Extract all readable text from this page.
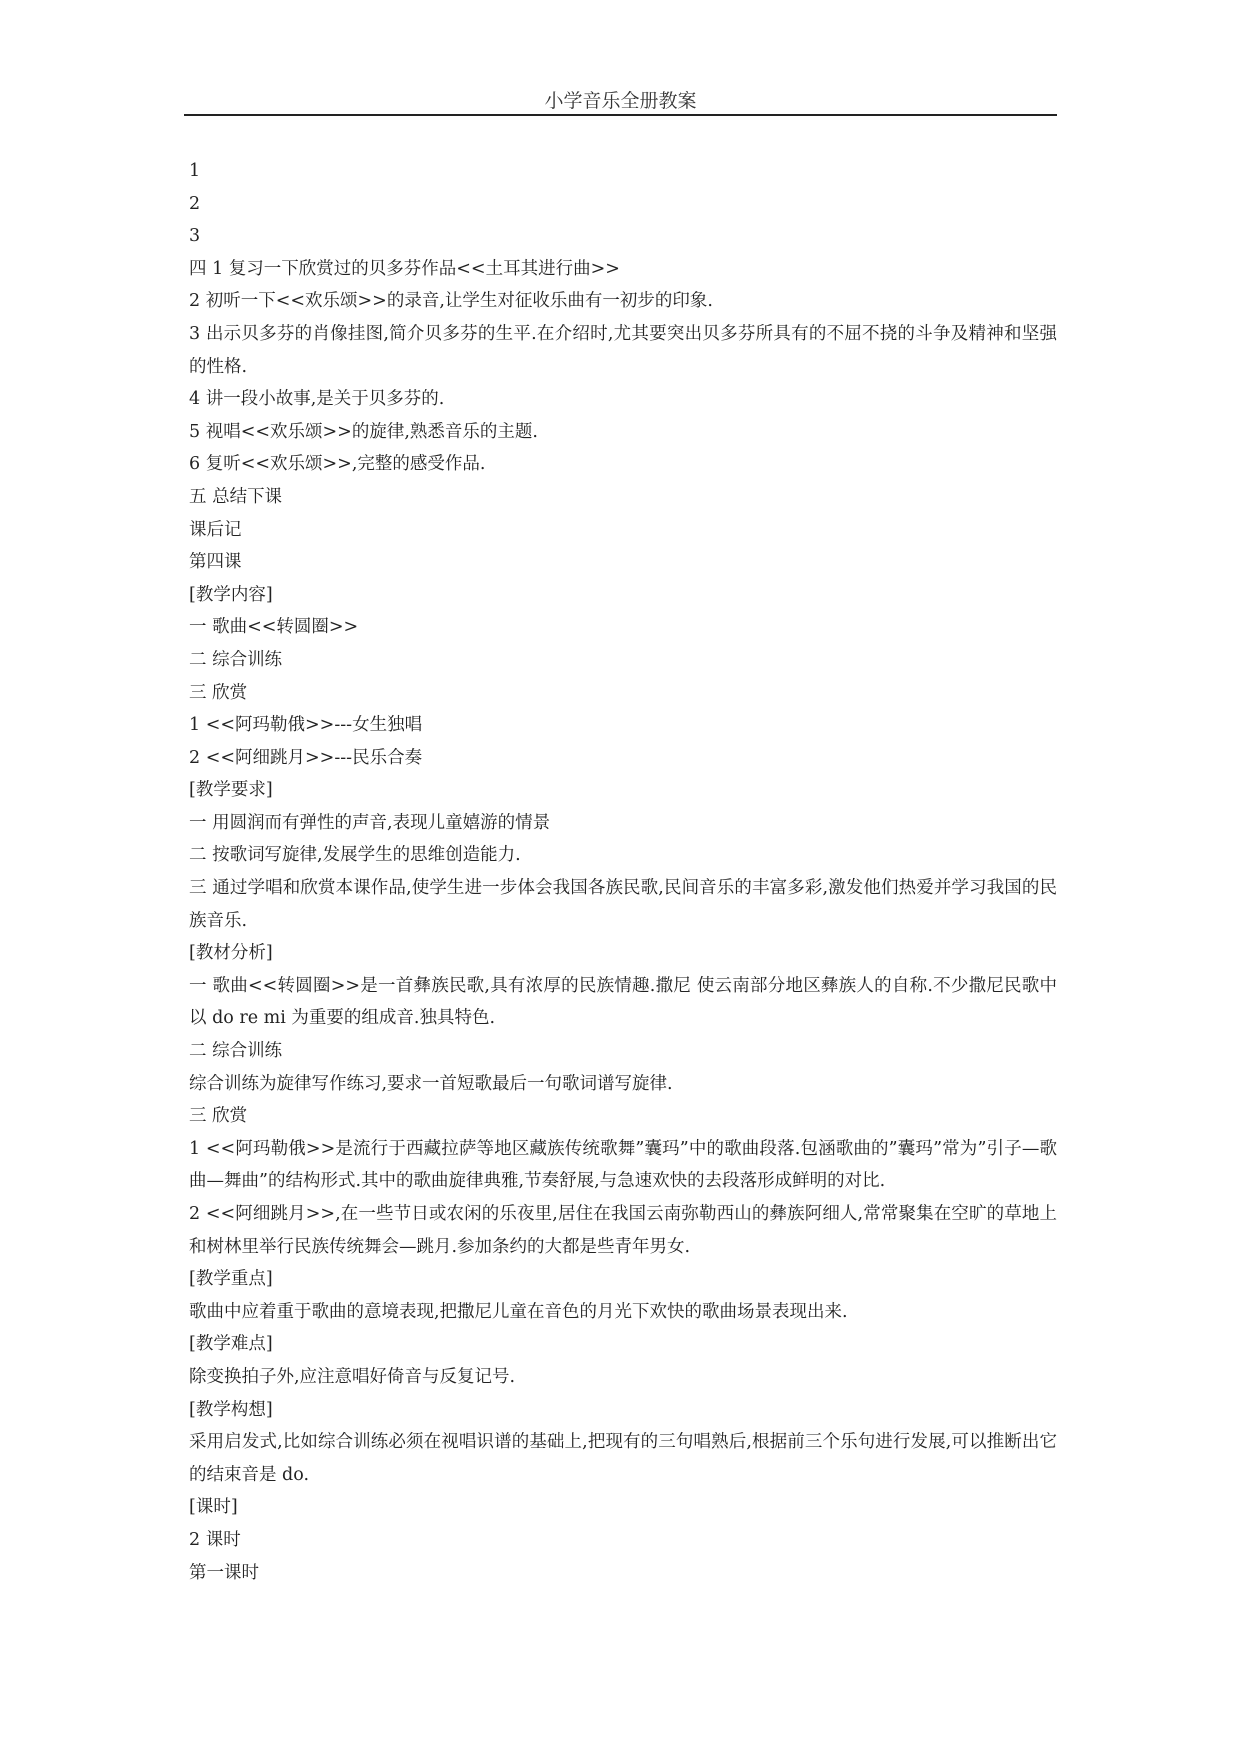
小学音乐全册教案

1

2

3

四 1 复习一下欣赏过的贝多芬作品<<土耳其进行曲>>

2 初听一下<<欢乐颂>>的录音,让学生对征收乐曲有一初步的印象.

3 出示贝多芬的肖像挂图,简介贝多芬的生平.在介绍时,尤其要突出贝多芬所具有的不屈不挠的斗争及精神和坚强的性格.

4 讲一段小故事,是关于贝多芬的.

5 视唱<<欢乐颂>>的旋律,熟悉音乐的主题.

6 复听<<欢乐颂>>,完整的感受作品.

五 总结下课

课后记

第四课

[教学内容]

一 歌曲<<转圆圈>>

二 综合训练

三 欣赏

1 <<阿玛勒俄>>---女生独唱

2 <<阿细跳月>>---民乐合奏

[教学要求]

一 用圆润而有弹性的声音,表现儿童嬉游的情景

二 按歌词写旋律,发展学生的思维创造能力.

三 通过学唱和欣赏本课作品,使学生进一步体会我国各族民歌,民间音乐的丰富多彩,激发他们热爱并学习我国的民族音乐.

[教材分析]

一 歌曲<<转圆圈>>是一首彝族民歌,具有浓厚的民族情趣.撒尼 使云南部分地区彝族人的自称.不少撒尼民歌中以 do re mi 为重要的组成音.独具特色.

二 综合训练

综合训练为旋律写作练习,要求一首短歌最后一句歌词谱写旋律.

三 欣赏

1 <<阿玛勒俄>>是流行于西藏拉萨等地区藏族传统歌舞”囊玛”中的歌曲段落.包涵歌曲的”囊玛”常为”引子—歌曲—舞曲”的结构形式.其中的歌曲旋律典雅,节奏舒展,与急速欢快的去段落形成鲜明的对比.

2 <<阿细跳月>>,在一些节日或农闲的乐夜里,居住在我国云南弥勒西山的彝族阿细人,常常聚集在空旷的草地上和树林里举行民族传统舞会—跳月.参加条约的大都是些青年男女.

[教学重点]

歌曲中应着重于歌曲的意境表现,把撒尼儿童在音色的月光下欢快的歌曲场景表现出来.

[教学难点]

除变换拍子外,应注意唱好倚音与反复记号.

[教学构想]

采用启发式,比如综合训练必须在视唱识谱的基础上,把现有的三句唱熟后,根据前三个乐句进行发展,可以推断出它的结束音是 do.

[课时]

2 课时

第一课时
